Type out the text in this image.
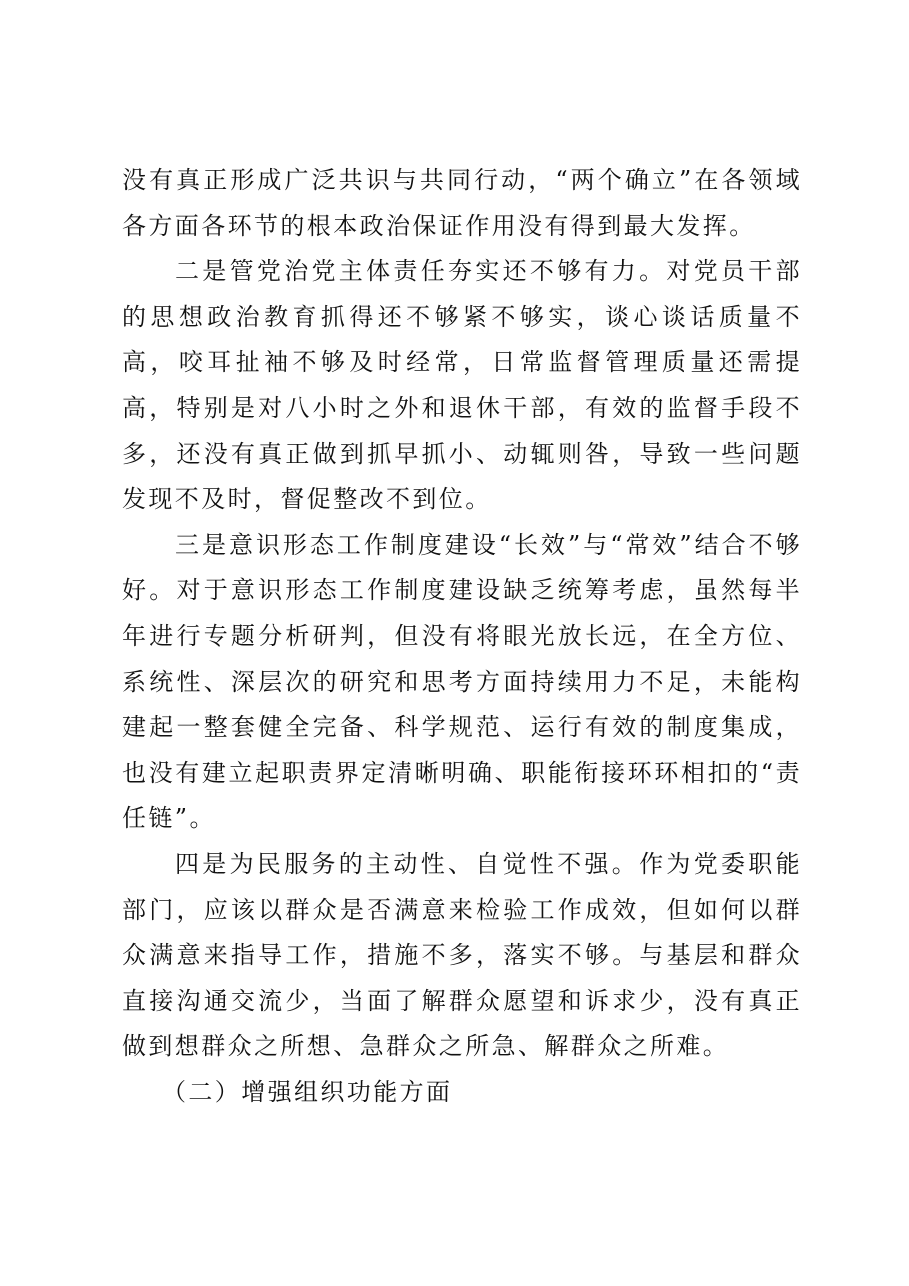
没有真正形成广泛共识与共同行动，“两个确立”在各领域各方面各环节的根本政治保证作用没有得到最大发挥。

二是管党治党主体责任夯实还不够有力。对党员干部的思想政治教育抓得还不够紧不够实，谈心谈话质量不高，咬耳扯袖不够及时经常，日常监督管理质量还需提高，特别是对八小时之外和退休干部，有效的监督手段不多，还没有真正做到抓早抓小、动辄则咎，导致一些问题发现不及时，督促整改不到位。

三是意识形态工作制度建设“长效”与“常效”结合不够好。对于意识形态工作制度建设缺乏统筹考虑，虽然每半年进行专题分析研判，但没有将眼光放长远，在全方位、系统性、深层次的研究和思考方面持续用力不足，未能构建起一整套健全完备、科学规范、运行有效的制度集成，也没有建立起职责界定清晰明确、职能衔接环环相扣的“责任链”。

四是为民服务的主动性、自觉性不强。作为党委职能部门，应该以群众是否满意来检验工作成效，但如何以群众满意来指导工作，措施不多，落实不够。与基层和群众直接沟通交流少，当面了解群众愿望和诉求少，没有真正做到想群众之所想、急群众之所急、解群众之所难。

（二）增强组织功能方面
